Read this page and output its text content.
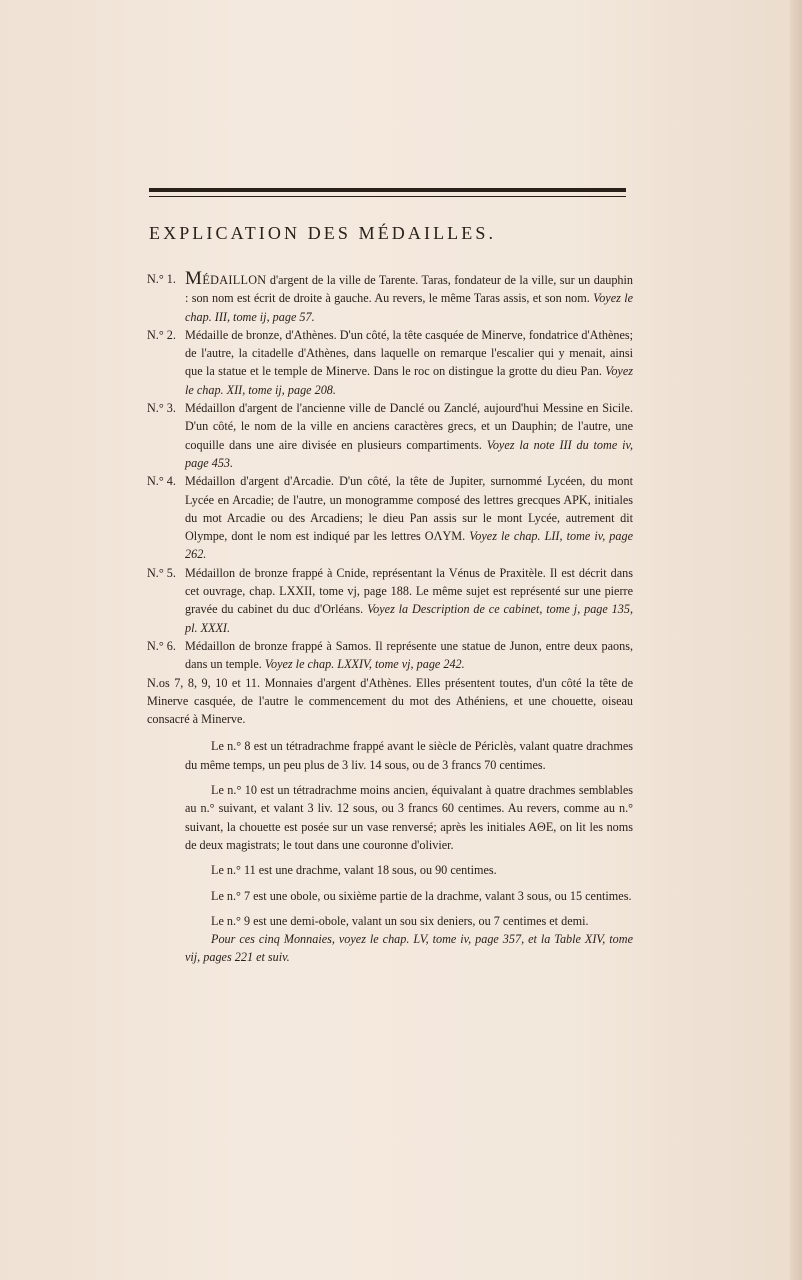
EXPLICATION DES MÉDAILLES.
N.° 1. MÉDAILLON d'argent de la ville de Tarente. Taras, fondateur de la ville, sur un dauphin : son nom est écrit de droite à gauche. Au revers, le même Taras assis, et son nom. Voyez le chap. III, tome ij, page 57.
N.° 2. Médaille de bronze, d'Athènes. D'un côté, la tête casquée de Minerve, fondatrice d'Athènes; de l'autre, la citadelle d'Athènes, dans laquelle on remarque l'escalier qui y menait, ainsi que la statue et le temple de Minerve. Dans le roc on distingue la grotte du dieu Pan. Voyez le chap. XII, tome ij, page 208.
N.° 3. Médaillon d'argent de l'ancienne ville de Danclé ou Zanclé, aujourd'hui Messine en Sicile. D'un côté, le nom de la ville en anciens caractères grecs, et un Dauphin; de l'autre, une coquille dans une aire divisée en plusieurs compartiments. Voyez la note III du tome iv, page 453.
N.° 4. Médaillon d'argent d'Arcadie. D'un côté, la tête de Jupiter, surnommé Lycéen, du mont Lycée en Arcadie; de l'autre, un monogramme composé des lettres grecques APK, initiales du mot Arcadie ou des Arcadiens; le dieu Pan assis sur le mont Lycée, autrement dit Olympe, dont le nom est indiqué par les lettres OΛYM. Voyez le chap. LII, tome iv, page 262.
N.° 5. Médaillon de bronze frappé à Cnide, représentant la Vénus de Praxitèle. Il est décrit dans cet ouvrage, chap. LXXII, tome vj, page 188. Le même sujet est représenté sur une pierre gravée du cabinet du duc d'Orléans. Voyez la Description de ce cabinet, tome j, page 135, pl. XXXI.
N.° 6. Médaillon de bronze frappé à Samos. Il représente une statue de Junon, entre deux paons, dans un temple. Voyez le chap. LXXIV, tome vj, page 242.
N.os 7, 8, 9, 10 et 11. Monnaies d'argent d'Athènes. Elles présentent toutes, d'un côté la tête de Minerve casquée, de l'autre le commencement du mot des Athéniens, et une chouette, oiseau consacré à Minerve.

Le n.° 8 est un tétradrachme frappé avant le siècle de Périclès, valant quatre drachmes du même temps, un peu plus de 3 liv. 14 sous, ou de 3 francs 70 centimes.

Le n.° 10 est un tétradrachme moins ancien, équivalant à quatre drachmes semblables au n.° suivant, et valant 3 liv. 12 sous, ou 3 francs 60 centimes. Au revers, comme au n.° suivant, la chouette est posée sur un vase renversé; après les initiales AΘE, on lit les noms de deux magistrats; le tout dans une couronne d'olivier.

Le n.° 11 est une drachme, valant 18 sous, ou 90 centimes.

Le n.° 7 est une obole, ou sixième partie de la drachme, valant 3 sous, ou 15 centimes.

Le n.° 9 est une demi-obole, valant un sou six deniers, ou 7 centimes et demi.

Pour ces cinq Monnaies, voyez le chap. LV, tome iv, page 357, et la Table XIV, tome vij, pages 221 et suiv.
